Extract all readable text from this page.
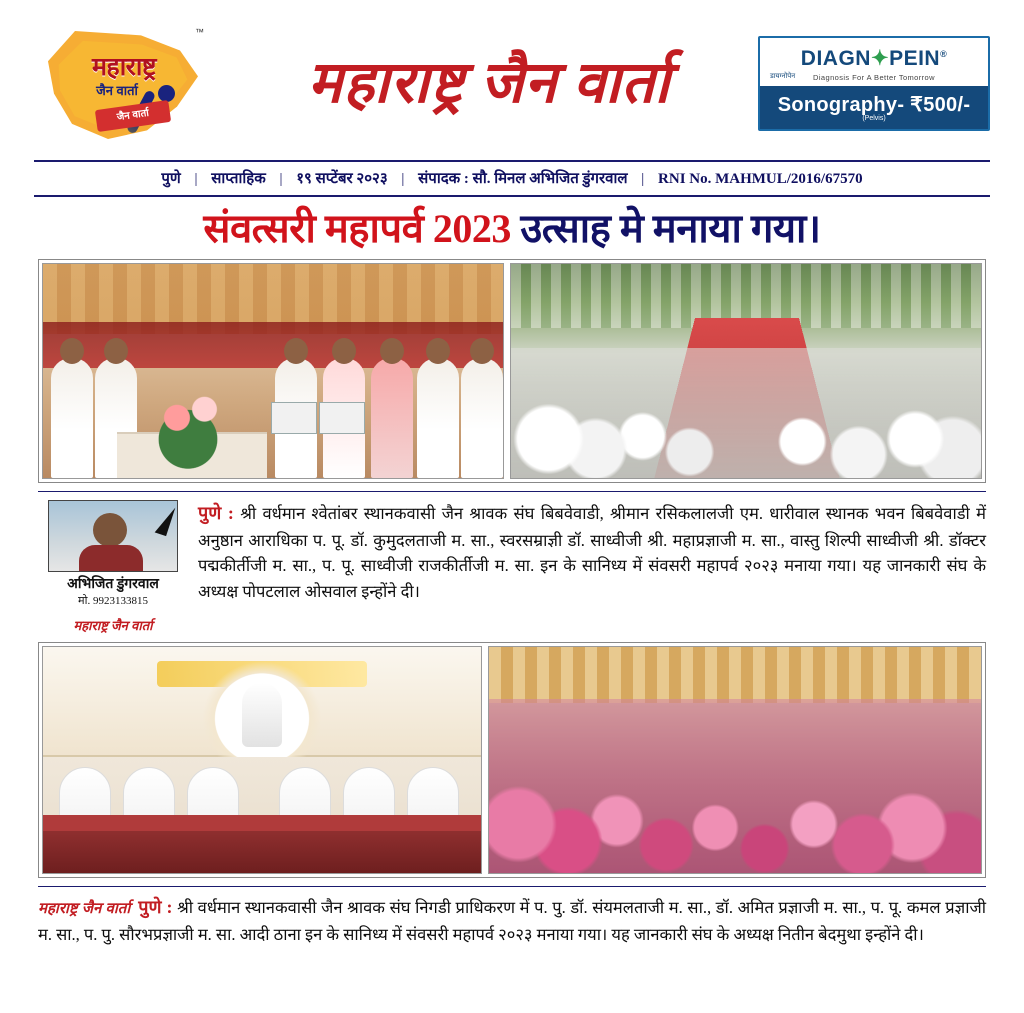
महाराष्ट्र
जैन वार्ता
जैन वार्ता
™
महाराष्ट्र जैन वार्ता	DIAGN✦PEIN®
Diagnosis For A Better Tomorrow
डायग्नोपेन
Sonography- ₹500/-
(Pelvis)
पुणे | साप्ताहिक | १९ सप्टेंबर २०२३ | संपादक : सौ. मिनल अभिजित डुंगरवाल | RNI No. MAHMUL/2016/67570
संवत्सरी महापर्व 2023 उत्साह मे मनाया गया।
अभिजित डुंगरवाल
मो. 9923133815
महाराष्ट्र जैन वार्ता
पुणे : श्री वर्धमान श्वेतांबर स्थानकवासी जैन श्रावक संघ बिबवेवाडी, श्रीमान रसिकलालजी एम. धारीवाल स्थानक भवन बिबवेवाडी में अनुष्ठान आराधिका प. पू. डॉ. कुमुदलताजी म. सा., स्वरसम्राज्ञी डॉ. साध्वीजी श्री. महाप्रज्ञाजी म. सा., वास्तु शिल्पी साध्वीजी श्री. डॉक्टर पद्मकीर्तीजी म. सा., प. पू. साध्वीजी राजकीर्तीजी म. सा. इन के सानिध्य में संवसरी महापर्व २०२३ मनाया गया। यह जानकारी संघ के अध्यक्ष पोपटलाल ओसवाल इन्होंने दी।
महाराष्ट्र जैन वार्ता पुणे : श्री वर्धमान स्थानकवासी जैन श्रावक संघ निगडी प्राधिकरण में प. पु. डॉ. संयमलताजी म. सा., डॉ. अमित प्रज्ञाजी म. सा., प. पू. कमल प्रज्ञाजी म. सा., प. पु. सौरभप्रज्ञाजी म. सा. आदी ठाना इन के सानिध्य में संवसरी महापर्व २०२३ मनाया गया। यह जानकारी संघ के अध्यक्ष नितीन बेदमुथा इन्होंने दी।
